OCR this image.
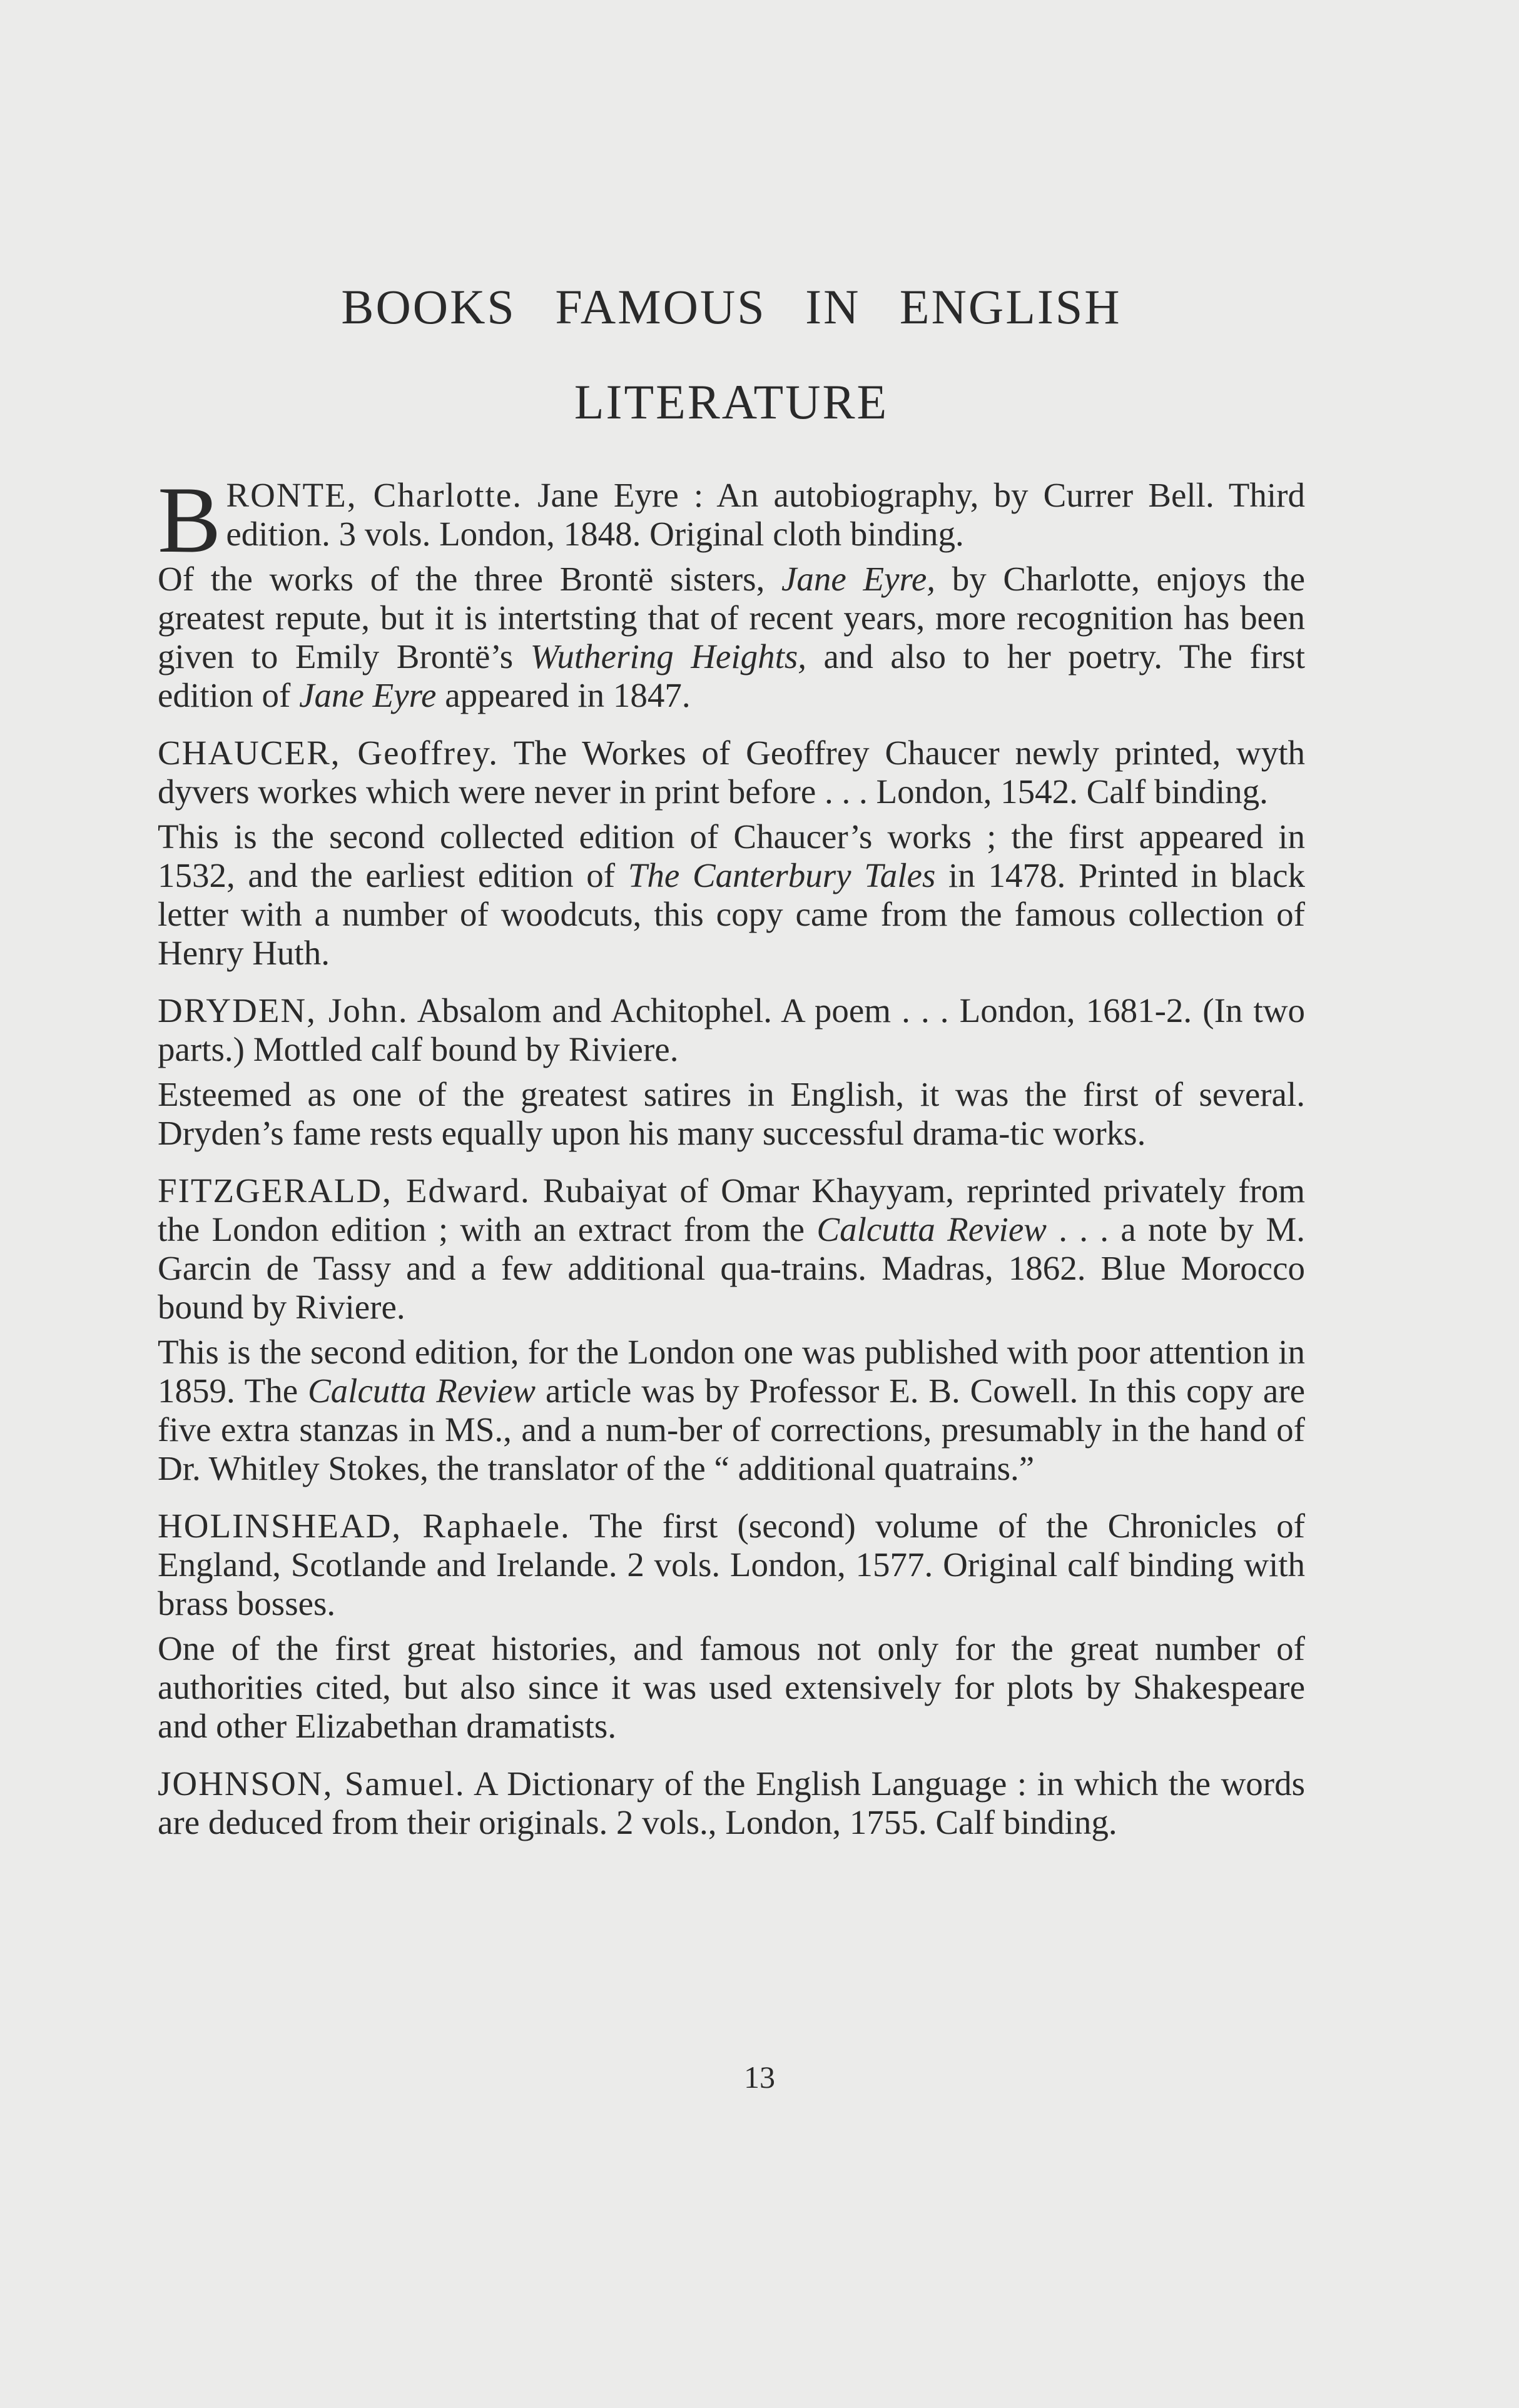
BOOKS FAMOUS IN ENGLISH
LITERATURE

BRONTE, Charlotte. Jane Eyre : An autobiography, by Currer Bell. Third edition. 3 vols. London, 1848. Original cloth binding.

Of the works of the three Brontë sisters, Jane Eyre, by Charlotte, enjoys the greatest repute, but it is intertsting that of recent years, more recognition has been given to Emily Brontë’s Wuthering Heights, and also to her poetry. The first edition of Jane Eyre appeared in 1847.

CHAUCER, Geoffrey. The Workes of Geoffrey Chaucer newly printed, wyth dyvers workes which were never in print before . . . London, 1542. Calf binding.

This is the second collected edition of Chaucer’s works ; the first appeared in 1532, and the earliest edition of The Canterbury Tales in 1478. Printed in black letter with a number of woodcuts, this copy came from the famous collection of Henry Huth.

DRYDEN, John. Absalom and Achitophel. A poem . . . London, 1681-2. (In two parts.) Mottled calf bound by Riviere.

Esteemed as one of the greatest satires in English, it was the first of several. Dryden’s fame rests equally upon his many successful drama-tic works.

FITZGERALD, Edward. Rubaiyat of Omar Khayyam, reprinted privately from the London edition ; with an extract from the Calcutta Review . . . a note by M. Garcin de Tassy and a few additional qua-trains. Madras, 1862. Blue Morocco bound by Riviere.

This is the second edition, for the London one was published with poor attention in 1859. The Calcutta Review article was by Professor E. B. Cowell. In this copy are five extra stanzas in MS., and a num-ber of corrections, presumably in the hand of Dr. Whitley Stokes, the translator of the “ additional quatrains.”

HOLINSHEAD, Raphaele. The first (second) volume of the Chronicles of England, Scotlande and Irelande. 2 vols. London, 1577. Original calf binding with brass bosses.

One of the first great histories, and famous not only for the great number of authorities cited, but also since it was used extensively for plots by Shakespeare and other Elizabethan dramatists.

JOHNSON, Samuel. A Dictionary of the English Language : in which the words are deduced from their originals. 2 vols., London, 1755. Calf binding.

13
